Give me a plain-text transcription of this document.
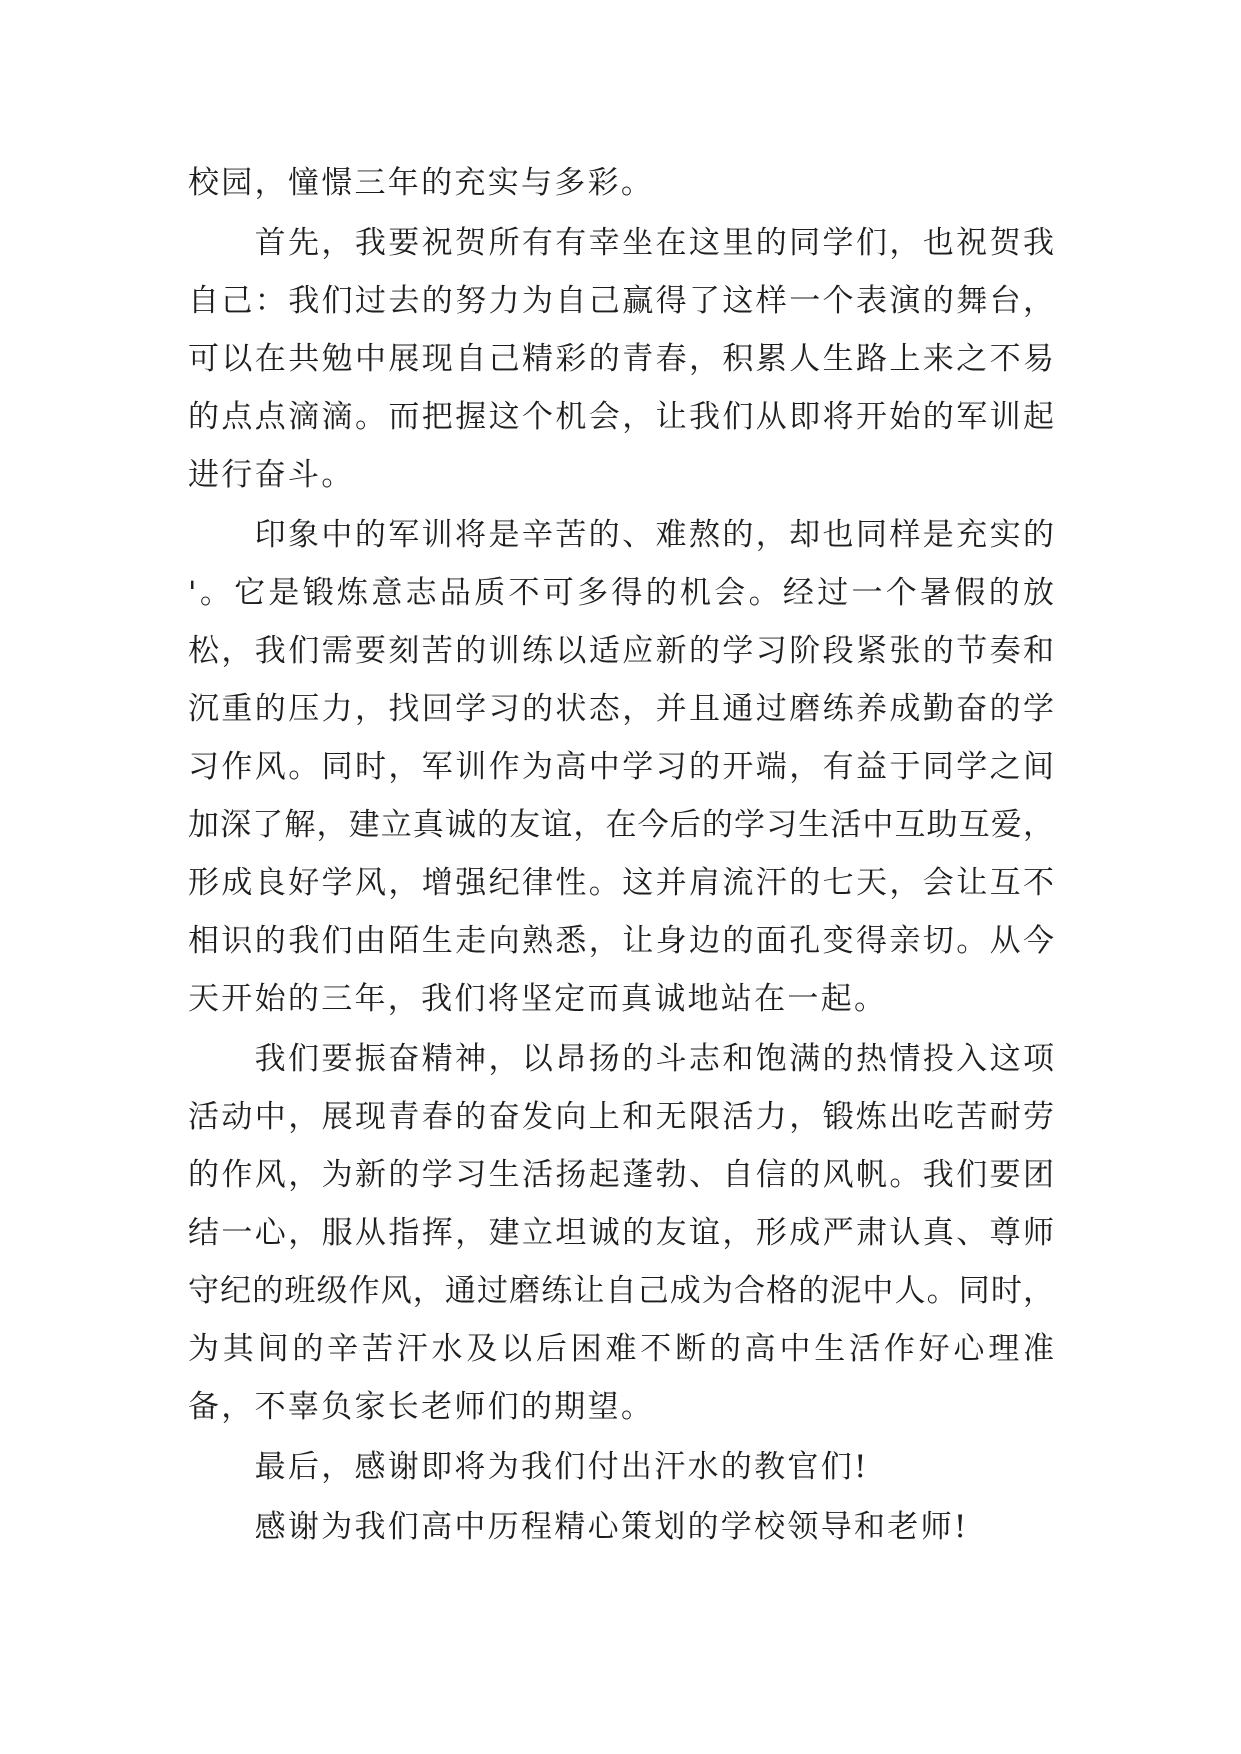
校园，憧憬三年的充实与多彩。
首先，我要祝贺所有有幸坐在这里的同学们，也祝贺我
自己：我们过去的努力为自己赢得了这样一个表演的舞台，
可以在共勉中展现自己精彩的青春，积累人生路上来之不易
的点点滴滴。而把握这个机会，让我们从即将开始的军训起
进行奋斗。
印象中的军训将是辛苦的、难熬的，却也同样是充实的
'。它是锻炼意志品质不可多得的机会。经过一个暑假的放
松，我们需要刻苦的训练以适应新的学习阶段紧张的节奏和
沉重的压力，找回学习的状态，并且通过磨练养成勤奋的学
习作风。同时，军训作为高中学习的开端，有益于同学之间
加深了解，建立真诚的友谊，在今后的学习生活中互助互爱，
形成良好学风，增强纪律性。这并肩流汗的七天，会让互不
相识的我们由陌生走向熟悉，让身边的面孔变得亲切。从今
天开始的三年，我们将坚定而真诚地站在一起。
我们要振奋精神，以昂扬的斗志和饱满的热情投入这项
活动中，展现青春的奋发向上和无限活力，锻炼出吃苦耐劳
的作风，为新的学习生活扬起蓬勃、自信的风帆。我们要团
结一心，服从指挥，建立坦诚的友谊，形成严肃认真、尊师
守纪的班级作风，通过磨练让自己成为合格的泥中人。同时，
为其间的辛苦汗水及以后困难不断的高中生活作好心理准
备，不辜负家长老师们的期望。
最后，感谢即将为我们付出汗水的教官们!
感谢为我们高中历程精心策划的学校领导和老师!
